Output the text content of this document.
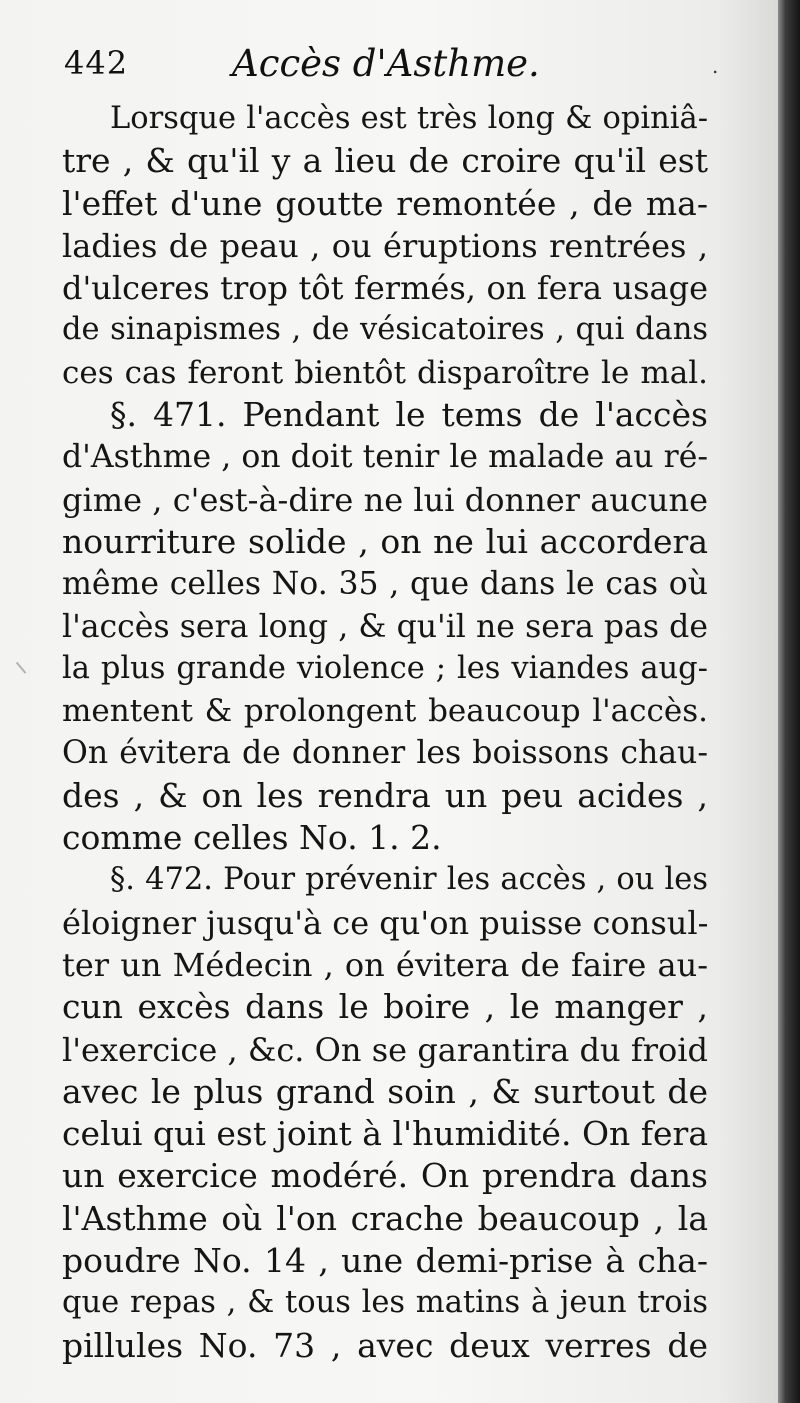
442	Accès d'Asthme.	.
Lorsque l'accès est très long & opiniâ-
tre , & qu'il y a lieu de croire qu'il est
l'effet d'une goutte remontée , de ma-
ladies de peau , ou éruptions rentrées ,
d'ulceres trop tôt fermés, on fera usage
de sinapismes , de vésicatoires , qui dans
ces cas feront bientôt disparoître le mal.
§. 471. Pendant le tems de l'accès
d'Asthme , on doit tenir le malade au ré-
gime , c'est-à-dire ne lui donner aucune
nourriture solide , on ne lui accordera
même celles No. 35 , que dans le cas où
l'accès sera long , & qu'il ne sera pas de
la plus grande violence ; les viandes aug-
mentent & prolongent beaucoup l'accès.
On évitera de donner les boissons chau-
des , & on les rendra un peu acides ,
comme celles No. 1. 2.
§. 472. Pour prévenir les accès , ou les
éloigner jusqu'à ce qu'on puisse consul-
ter un Médecin , on évitera de faire au-
cun excès dans le boire , le manger ,
l'exercice , &c. On se garantira du froid
avec le plus grand soin , & surtout de
celui qui est joint à l'humidité. On fera
un exercice modéré. On prendra dans
l'Asthme où l'on crache beaucoup , la
poudre No. 14 , une demi-prise à cha-
que repas , & tous les matins à jeun trois
pillules No. 73 , avec deux verres de
